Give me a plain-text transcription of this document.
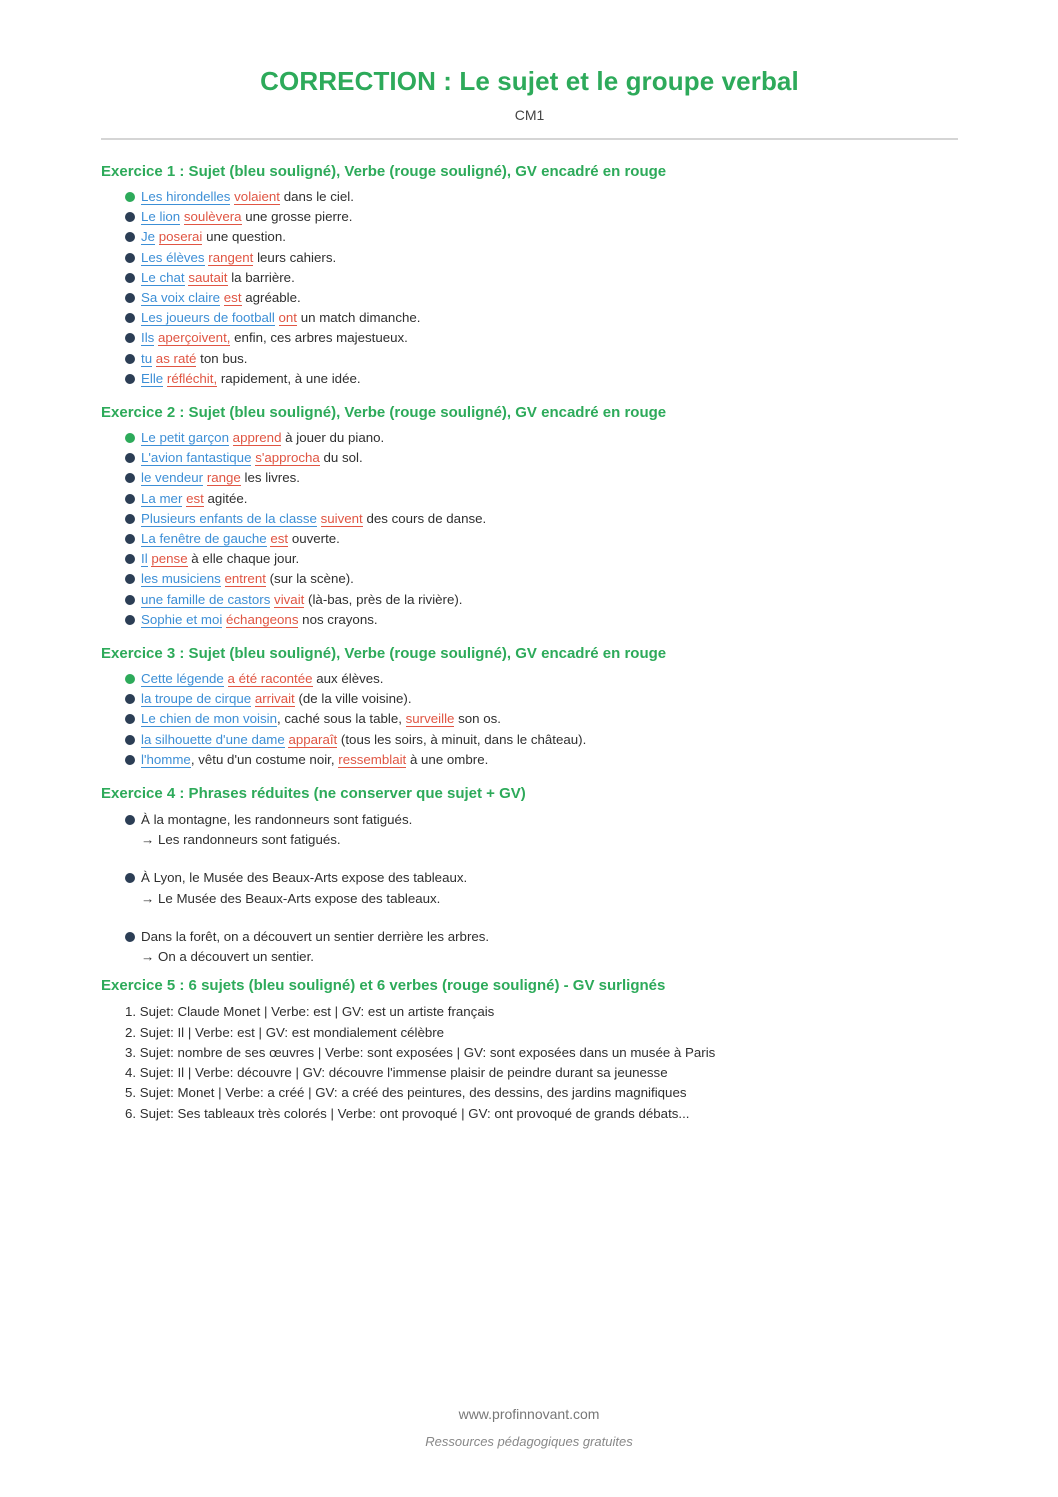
CORRECTION : Le sujet et le groupe verbal
CM1
Exercice 1 : Sujet (bleu souligné), Verbe (rouge souligné), GV encadré en rouge
Les hirondelles volaient dans le ciel.
Le lion soulèvera une grosse pierre.
Je poserai une question.
Les élèves rangent leurs cahiers.
Le chat sautait la barrière.
Sa voix claire est agréable.
Les joueurs de football ont un match dimanche.
Ils aperçoivent, enfin, ces arbres majestueux.
tu as raté ton bus.
Elle réfléchit, rapidement, à une idée.
Exercice 2 : Sujet (bleu souligné), Verbe (rouge souligné), GV encadré en rouge
Le petit garçon apprend à jouer du piano.
L'avion fantastique s'approcha du sol.
le vendeur range les livres.
La mer est agitée.
Plusieurs enfants de la classe suivent des cours de danse.
La fenêtre de gauche est ouverte.
Il pense à elle chaque jour.
les musiciens entrent (sur la scène).
une famille de castors vivait (là-bas, près de la rivière).
Sophie et moi échangeons nos crayons.
Exercice 3 : Sujet (bleu souligné), Verbe (rouge souligné), GV encadré en rouge
Cette légende a été racontée aux élèves.
la troupe de cirque arrivait (de la ville voisine).
Le chien de mon voisin, caché sous la table, surveille son os.
la silhouette d'une dame apparaît (tous les soirs, à minuit, dans le château).
l'homme, vêtu d'un costume noir, ressemblait à une ombre.
Exercice 4 : Phrases réduites (ne conserver que sujet + GV)
À la montagne, les randonneurs sont fatigués.
→ Les randonneurs sont fatigués.
À Lyon, le Musée des Beaux-Arts expose des tableaux.
→ Le Musée des Beaux-Arts expose des tableaux.
Dans la forêt, on a découvert un sentier derrière les arbres.
→ On a découvert un sentier.
Exercice 5 : 6 sujets (bleu souligné) et 6 verbes (rouge souligné) - GV surlignés
1. Sujet: Claude Monet | Verbe: est | GV: est un artiste français
2. Sujet: Il | Verbe: est | GV: est mondialement célèbre
3. Sujet: nombre de ses œuvres | Verbe: sont exposées | GV: sont exposées dans un musée à Paris
4. Sujet: Il | Verbe: découvre | GV: découvre l'immense plaisir de peindre durant sa jeunesse
5. Sujet: Monet | Verbe: a créé | GV: a créé des peintures, des dessins, des jardins magnifiques
6. Sujet: Ses tableaux très colorés | Verbe: ont provoqué | GV: ont provoqué de grands débats...
www.profinnovant.com
Ressources pédagogiques gratuites
